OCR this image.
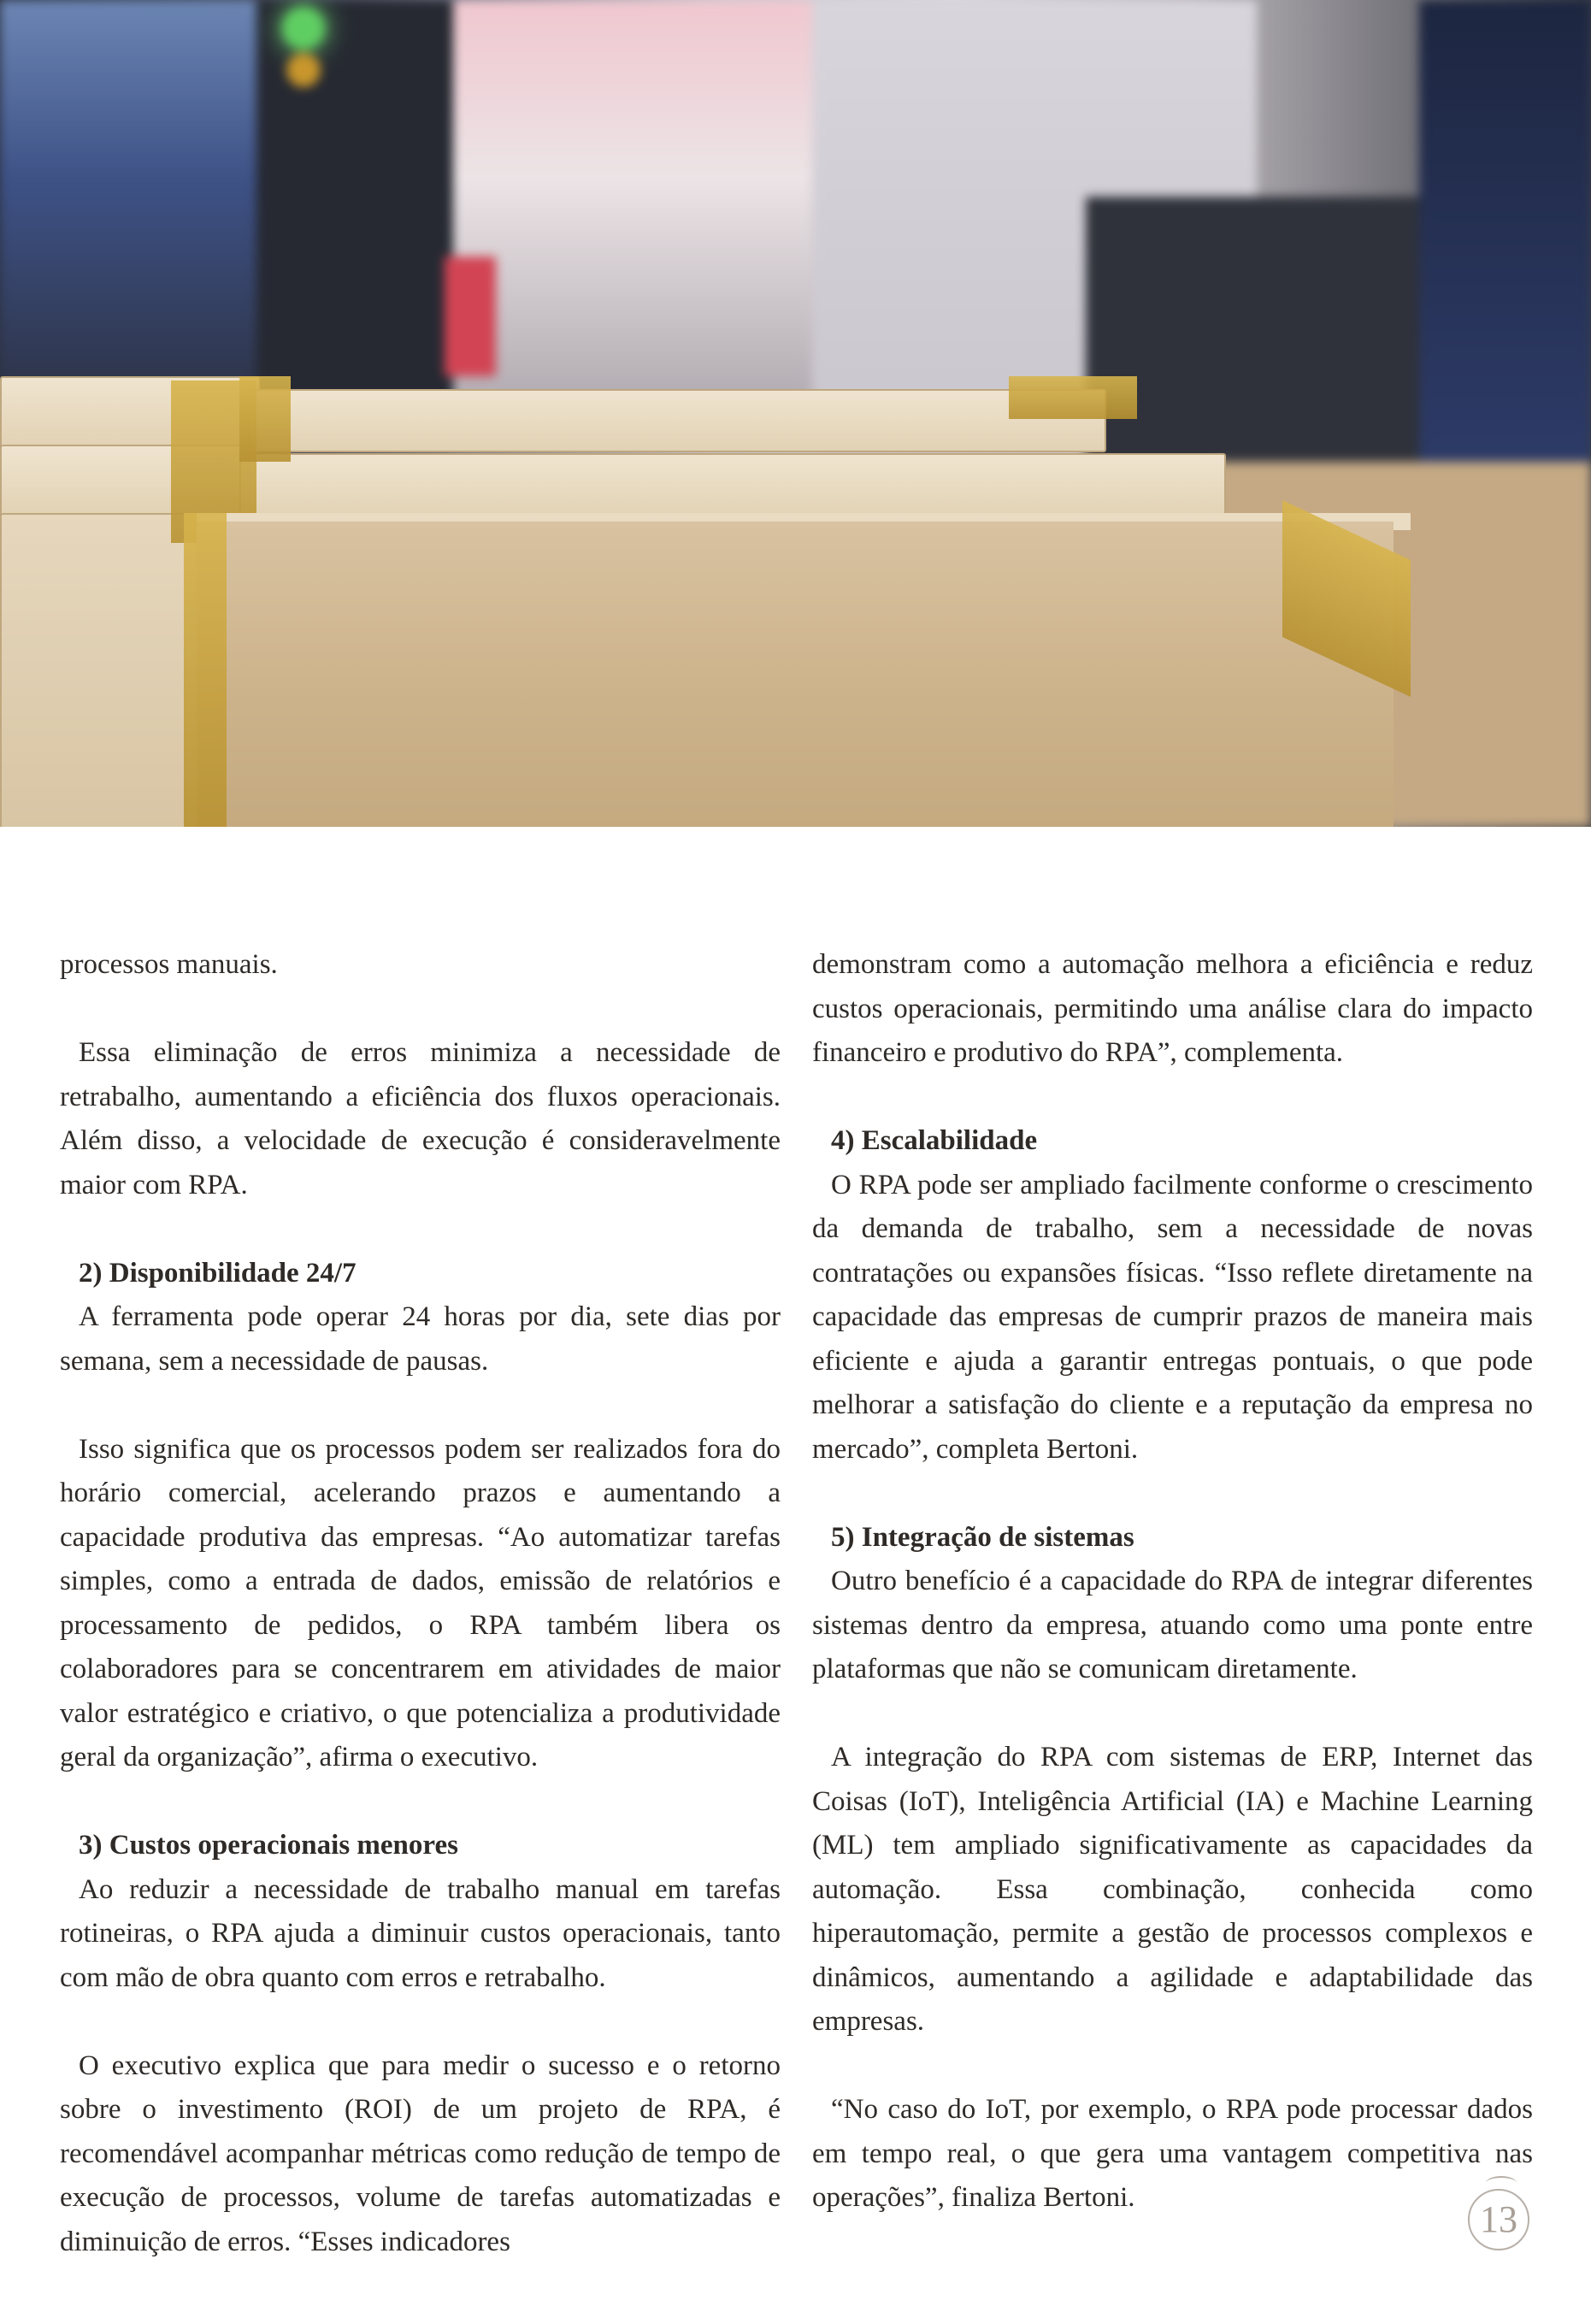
processos manuais.

Essa eliminação de erros minimiza a necessidade de retrabalho, aumentando a eficiência dos fluxos operacionais. Além disso, a velocidade de execução é consideravelmente maior com RPA.

2) Disponibilidade 24/7

A ferramenta pode operar 24 horas por dia, sete dias por semana, sem a necessidade de pausas.

Isso significa que os processos podem ser realizados fora do horário comercial, acelerando prazos e aumentando a capacidade produtiva das empresas. “Ao automatizar tarefas simples, como a entrada de dados, emissão de relatórios e processamento de pedidos, o RPA também libera os colaboradores para se concentrarem em atividades de maior valor estratégico e criativo, o que potencializa a produtividade geral da organização”, afirma o executivo.

3) Custos operacionais menores

Ao reduzir a necessidade de trabalho manual em tarefas rotineiras, o RPA ajuda a diminuir custos operacionais, tanto com mão de obra quanto com erros e retrabalho.

O executivo explica que para medir o sucesso e o retorno sobre o investimento (ROI) de um projeto de RPA, é recomendável acompanhar métricas como redução de tempo de execução de processos, volume de tarefas automatizadas e diminuição de erros. “Esses indicadores

demonstram como a automação melhora a eficiência e reduz custos operacionais, permitindo uma análise clara do impacto financeiro e produtivo do RPA”, complementa.

4) Escalabilidade

O RPA pode ser ampliado facilmente conforme o crescimento da demanda de trabalho, sem a necessidade de novas contratações ou expansões físicas. “Isso reflete diretamente na capacidade das empresas de cumprir prazos de maneira mais eficiente e ajuda a garantir entregas pontuais, o que pode melhorar a satisfação do cliente e a reputação da empresa no mercado”, completa Bertoni.

5) Integração de sistemas

Outro benefício é a capacidade do RPA de integrar diferentes sistemas dentro da empresa, atuando como uma ponte entre plataformas que não se comunicam diretamente.

A integração do RPA com sistemas de ERP, Internet das Coisas (IoT), Inteligência Artificial (IA) e Machine Learning (ML) tem ampliado significativamente as capacidades da automação. Essa combinação, conhecida como hiperautomação, permite a gestão de processos complexos e dinâmicos, aumentando a agilidade e adaptabilidade das empresas.

“No caso do IoT, por exemplo, o RPA pode processar dados em tempo real, o que gera uma vantagem competitiva nas operações”, finaliza Bertoni.

13
